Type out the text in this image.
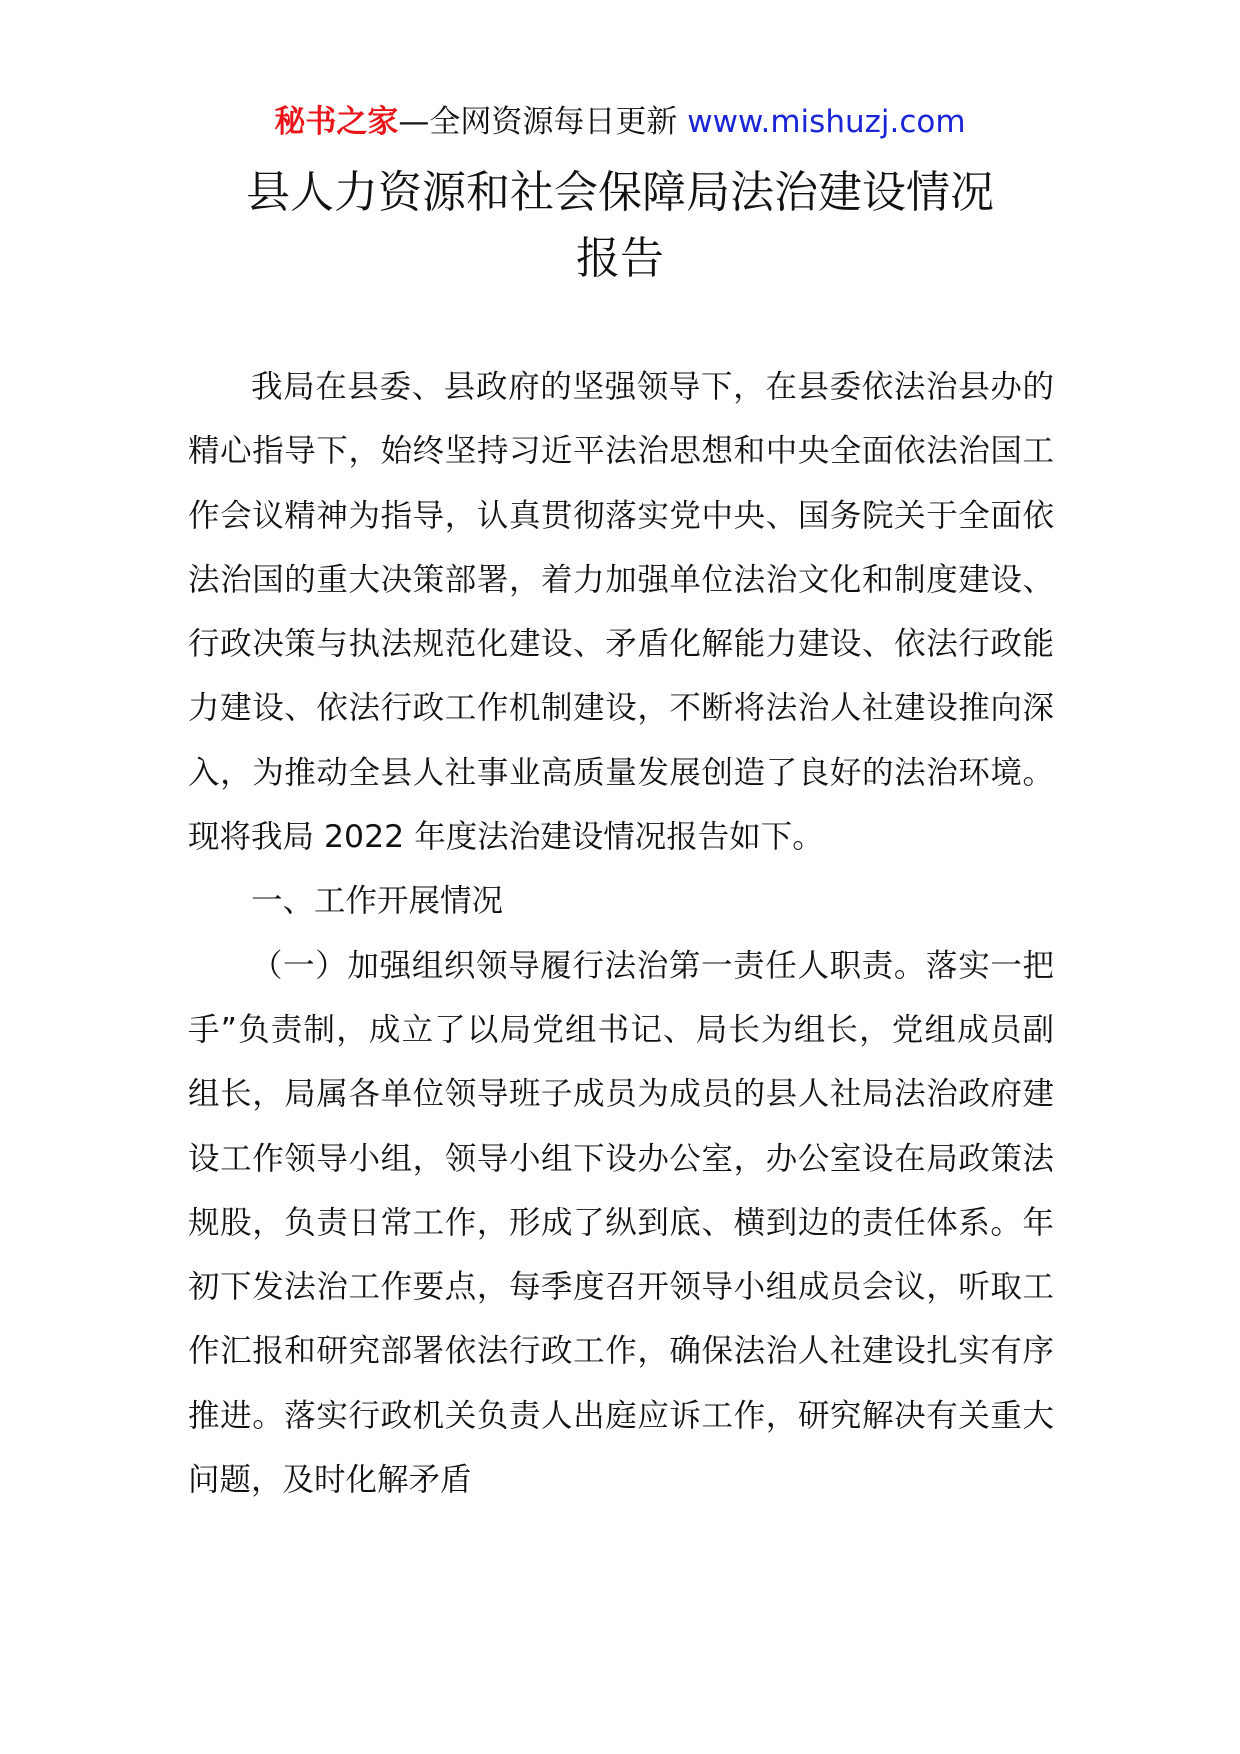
秘书之家—全网资源每日更新 www.mishuzj.com
县人力资源和社会保障局法治建设情况
报告

我局在县委、县政府的坚强领导下，在县委依法治县办的精心指导下，始终坚持习近平法治思想和中央全面依法治国工作会议精神为指导，认真贯彻落实党中央、国务院关于全面依法治国的重大决策部署，着力加强单位法治文化和制度建设、行政决策与执法规范化建设、矛盾化解能力建设、依法行政能力建设、依法行政工作机制建设，不断将法治人社建设推向深入，为推动全县人社事业高质量发展创造了良好的法治环境。现将我局 2022 年度法治建设情况报告如下。

一、工作开展情况

（一）加强组织领导履行法治第一责任人职责。落实一把手”负责制，成立了以局党组书记、局长为组长，党组成员副组长，局属各单位领导班子成员为成员的县人社局法治政府建设工作领导小组，领导小组下设办公室，办公室设在局政策法规股，负责日常工作，形成了纵到底、横到边的责任体系。年初下发法治工作要点，每季度召开领导小组成员会议，听取工作汇报和研究部署依法行政工作，确保法治人社建设扎实有序推进。落实行政机关负责人出庭应诉工作，研究解决有关重大问题，及时化解矛盾
